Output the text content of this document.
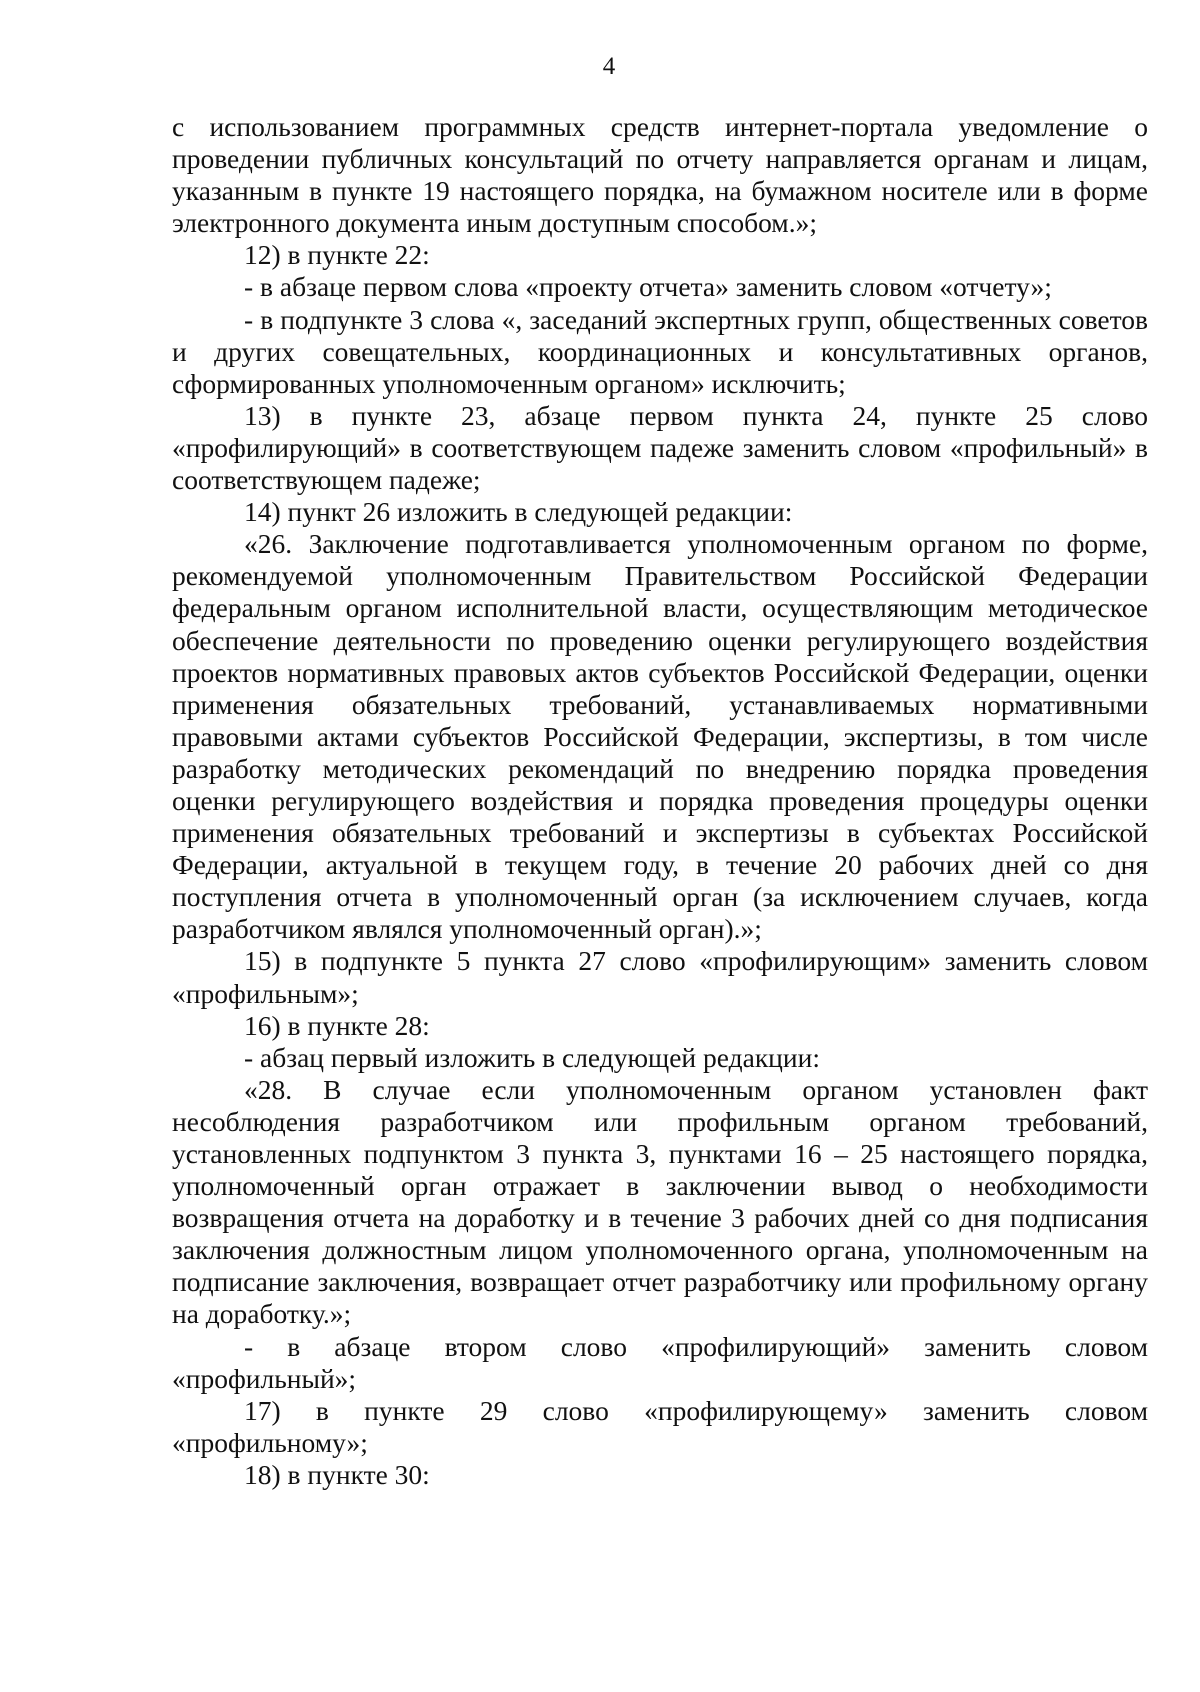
4

с использованием программных средств интернет-портала уведомление о проведении публичных консультаций по отчету направляется органам и лицам, указанным в пункте 19 настоящего порядка, на бумажном носителе или в форме электронного документа иным доступным способом.»;

12) в пункте 22:

- в абзаце первом слова «проекту отчета» заменить словом «отчету»;

- в подпункте 3 слова «, заседаний экспертных групп, общественных советов и других совещательных, координационных и консультативных органов, сформированных уполномоченным органом» исключить;

13) в пункте 23, абзаце первом пункта 24, пункте 25 слово «профилирующий» в соответствующем падеже заменить словом «профильный» в соответствующем падеже;

14) пункт 26 изложить в следующей редакции:

«26. Заключение подготавливается уполномоченным органом по форме, рекомендуемой уполномоченным Правительством Российской Федерации федеральным органом исполнительной власти, осуществляющим методическое обеспечение деятельности по проведению оценки регулирующего воздействия проектов нормативных правовых актов субъектов Российской Федерации, оценки применения обязательных требований, устанавливаемых нормативными правовыми актами субъектов Российской Федерации, экспертизы, в том числе разработку методических рекомендаций по внедрению порядка проведения оценки регулирующего воздействия и порядка проведения процедуры оценки применения обязательных требований и экспертизы в субъектах Российской Федерации, актуальной в текущем году, в течение 20 рабочих дней со дня поступления отчета в уполномоченный орган (за исключением случаев, когда разработчиком являлся уполномоченный орган).»;

15) в подпункте 5 пункта 27 слово «профилирующим» заменить словом «профильным»;

16) в пункте 28:

- абзац первый изложить в следующей редакции:

«28. В случае если уполномоченным органом установлен факт несоблюдения разработчиком или профильным органом требований, установленных подпунктом 3 пункта 3, пунктами 16 – 25 настоящего порядка, уполномоченный орган отражает в заключении вывод о необходимости возвращения отчета на доработку и в течение 3 рабочих дней со дня подписания заключения должностным лицом уполномоченного органа, уполномоченным на подписание заключения, возвращает отчет разработчику или профильному органу на доработку.»;

- в абзаце втором слово «профилирующий» заменить словом «профильный»;

17) в пункте 29 слово «профилирующему» заменить словом «профильному»;

18) в пункте 30:
